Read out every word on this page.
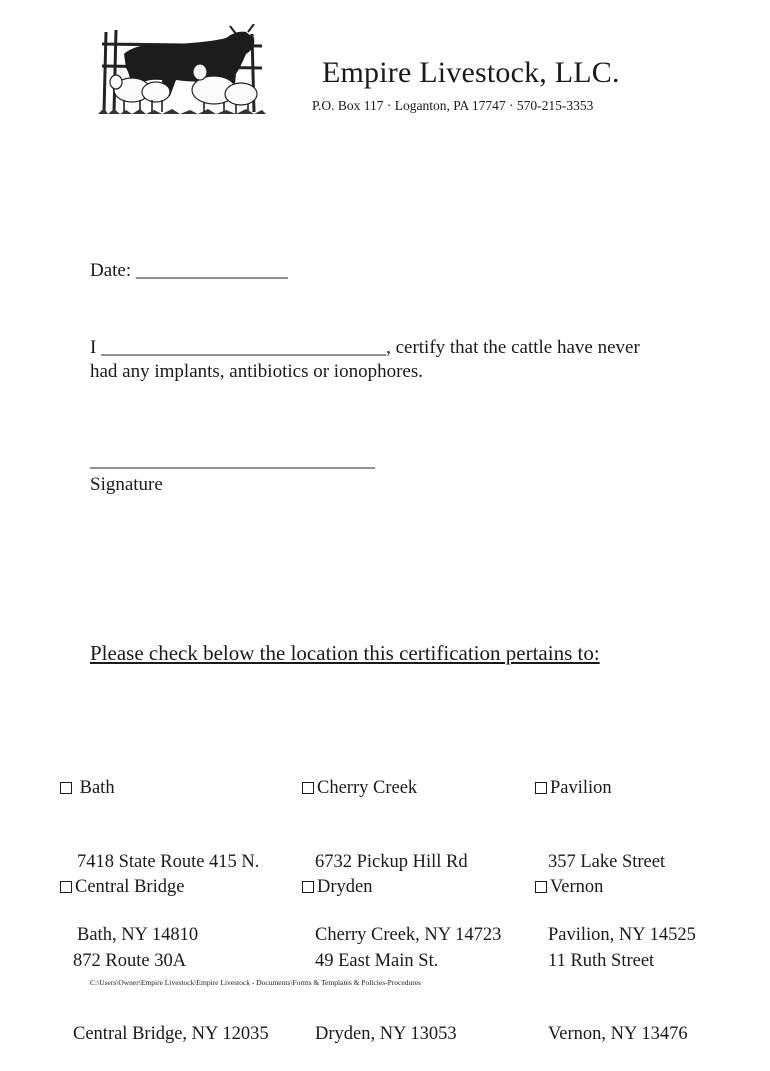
Empire Livestock, LLC.
P.O. Box 117 · Loganton, PA 17747 · 570-215-3353
Date: ________________
I ______________________________, certify that the cattle have never
had any implants, antibiotics or ionophores.
______________________________
Signature
Please check below the location this certification pertains to:

Bath

7418 State Route 415 N.

Bath, NY 14810

Cherry Creek

6732 Pickup Hill Rd

Cherry Creek, NY 14723

Pavilion

357 Lake Street

Pavilion, NY 14525

Central Bridge

872 Route 30A

Central Bridge, NY 12035

Dryden

49 East Main St.

Dryden, NY 13053

Vernon

11 Ruth Street

Vernon, NY 13476

C:\Users\Owner\Empire Livestock\Empire Livestock - Documents\Forms & Templates & Policies-Procedures
